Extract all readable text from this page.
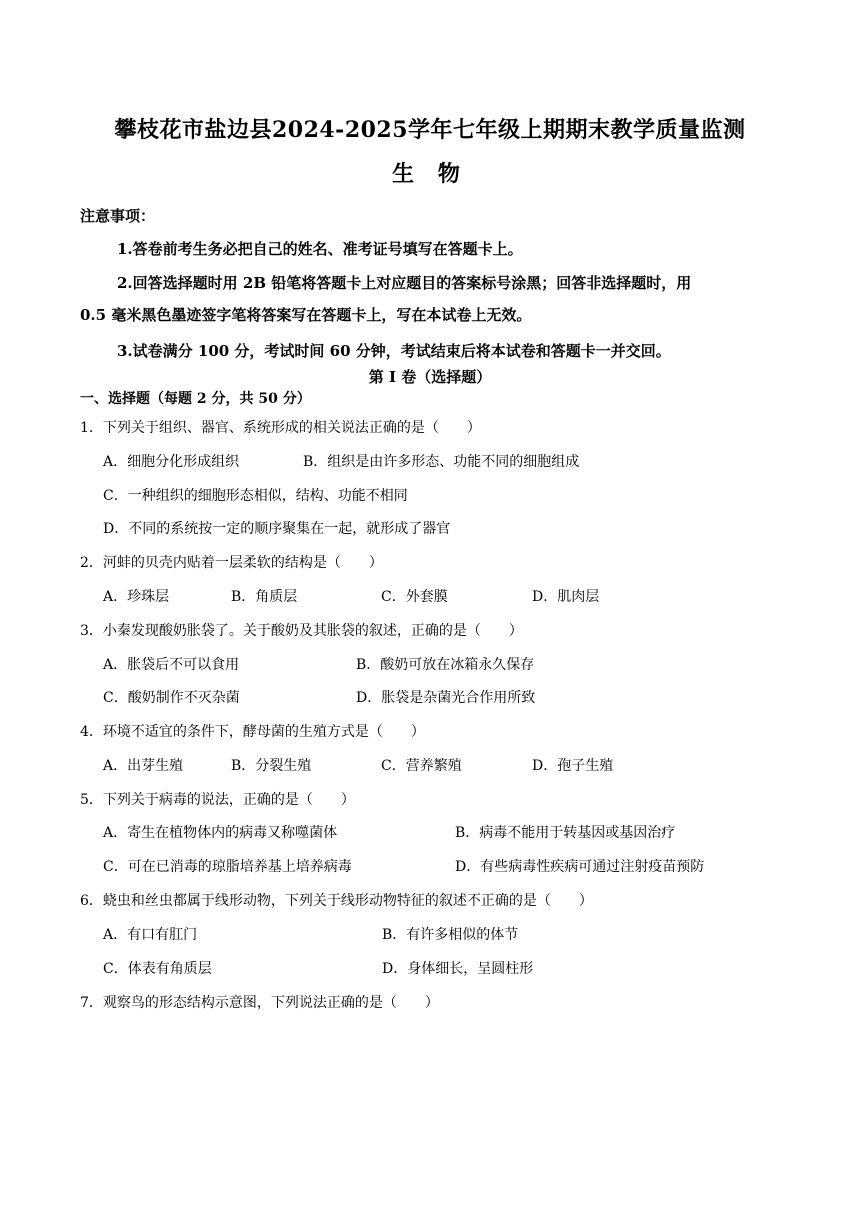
攀枝花市盐边县2024-2025学年七年级上期期末教学质量监测
生 物
注意事项：
1.答卷前考生务必把自己的姓名、准考证号填写在答题卡上。
2.回答选择题时用 2B 铅笔将答题卡上对应题目的答案标号涂黑；回答非选择题时，用
0.5 毫米黑色墨迹签字笔将答案写在答题卡上，写在本试卷上无效。
3.试卷满分 100 分，考试时间 60 分钟，考试结束后将本试卷和答题卡一并交回。
第 I 卷（选择题）
一、选择题（每题 2 分，共 50 分）
1．下列关于组织、器官、系统形成的相关说法正确的是（　　）
A．细胞分化形成组织	B．组织是由许多形态、功能不同的细胞组成
C．一种组织的细胞形态相似，结构、功能不相同
D．不同的系统按一定的顺序聚集在一起，就形成了器官
2．河蚌的贝壳内贴着一层柔软的结构是（　　）
A．珍珠层	B．角质层	C．外套膜	D．肌肉层
3．小秦发现酸奶胀袋了。关于酸奶及其胀袋的叙述，正确的是（　　）
A．胀袋后不可以食用	B．酸奶可放在冰箱永久保存
C．酸奶制作不灭杂菌	D．胀袋是杂菌光合作用所致
4．环境不适宜的条件下，酵母菌的生殖方式是（　　）
A．出芽生殖	B．分裂生殖	C．营养繁殖	D．孢子生殖
5．下列关于病毒的说法，正确的是（　　）
A．寄生在植物体内的病毒又称噬菌体	B．病毒不能用于转基因或基因治疗
C．可在已消毒的琼脂培养基上培养病毒	D．有些病毒性疾病可通过注射疫苗预防
6．蛲虫和丝虫都属于线形动物，下列关于线形动物特征的叙述不正确的是（　　）
A．有口有肛门	B．有许多相似的体节
C．体表有角质层	D．身体细长，呈圆柱形
7．观察鸟的形态结构示意图，下列说法正确的是（　　）
